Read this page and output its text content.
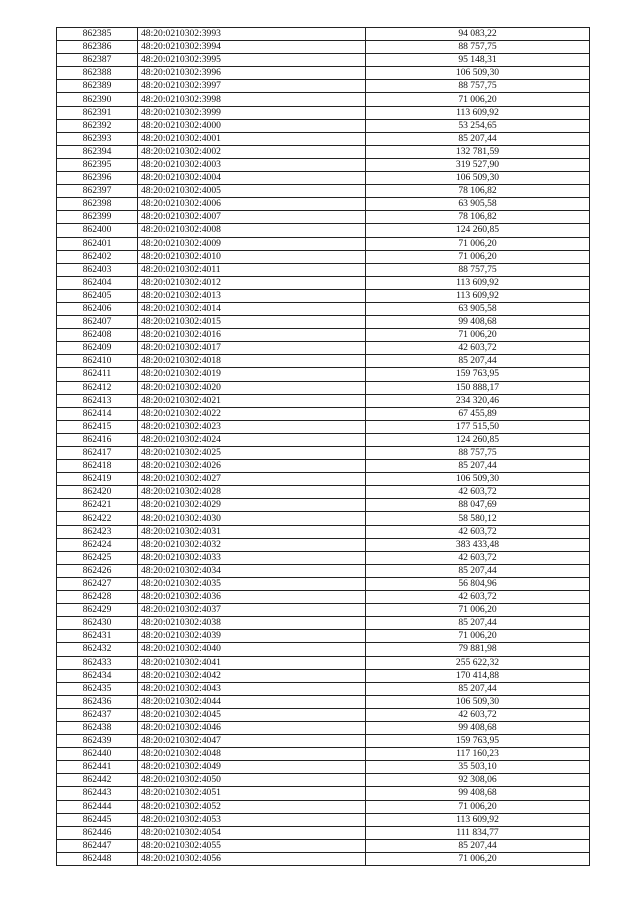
862385	48:20:0210302:3993	94 083,22
862386	48:20:0210302:3994	88 757,75
862387	48:20:0210302:3995	95 148,31
862388	48:20:0210302:3996	106 509,30
862389	48:20:0210302:3997	88 757,75
862390	48:20:0210302:3998	71 006,20
862391	48:20:0210302:3999	113 609,92
862392	48:20:0210302:4000	53 254,65
862393	48:20:0210302:4001	85 207,44
862394	48:20:0210302:4002	132 781,59
862395	48:20:0210302:4003	319 527,90
862396	48:20:0210302:4004	106 509,30
862397	48:20:0210302:4005	78 106,82
862398	48:20:0210302:4006	63 905,58
862399	48:20:0210302:4007	78 106,82
862400	48:20:0210302:4008	124 260,85
862401	48:20:0210302:4009	71 006,20
862402	48:20:0210302:4010	71 006,20
862403	48:20:0210302:4011	88 757,75
862404	48:20:0210302:4012	113 609,92
862405	48:20:0210302:4013	113 609,92
862406	48:20:0210302:4014	63 905,58
862407	48:20:0210302:4015	99 408,68
862408	48:20:0210302:4016	71 006,20
862409	48:20:0210302:4017	42 603,72
862410	48:20:0210302:4018	85 207,44
862411	48:20:0210302:4019	159 763,95
862412	48:20:0210302:4020	150 888,17
862413	48:20:0210302:4021	234 320,46
862414	48:20:0210302:4022	67 455,89
862415	48:20:0210302:4023	177 515,50
862416	48:20:0210302:4024	124 260,85
862417	48:20:0210302:4025	88 757,75
862418	48:20:0210302:4026	85 207,44
862419	48:20:0210302:4027	106 509,30
862420	48:20:0210302:4028	42 603,72
862421	48:20:0210302:4029	88 047,69
862422	48:20:0210302:4030	58 580,12
862423	48:20:0210302:4031	42 603,72
862424	48:20:0210302:4032	383 433,48
862425	48:20:0210302:4033	42 603,72
862426	48:20:0210302:4034	85 207,44
862427	48:20:0210302:4035	56 804,96
862428	48:20:0210302:4036	42 603,72
862429	48:20:0210302:4037	71 006,20
862430	48:20:0210302:4038	85 207,44
862431	48:20:0210302:4039	71 006,20
862432	48:20:0210302:4040	79 881,98
862433	48:20:0210302:4041	255 622,32
862434	48:20:0210302:4042	170 414,88
862435	48:20:0210302:4043	85 207,44
862436	48:20:0210302:4044	106 509,30
862437	48:20:0210302:4045	42 603,72
862438	48:20:0210302:4046	99 408,68
862439	48:20:0210302:4047	159 763,95
862440	48:20:0210302:4048	117 160,23
862441	48:20:0210302:4049	35 503,10
862442	48:20:0210302:4050	92 308,06
862443	48:20:0210302:4051	99 408,68
862444	48:20:0210302:4052	71 006,20
862445	48:20:0210302:4053	113 609,92
862446	48:20:0210302:4054	111 834,77
862447	48:20:0210302:4055	85 207,44
862448	48:20:0210302:4056	71 006,20
